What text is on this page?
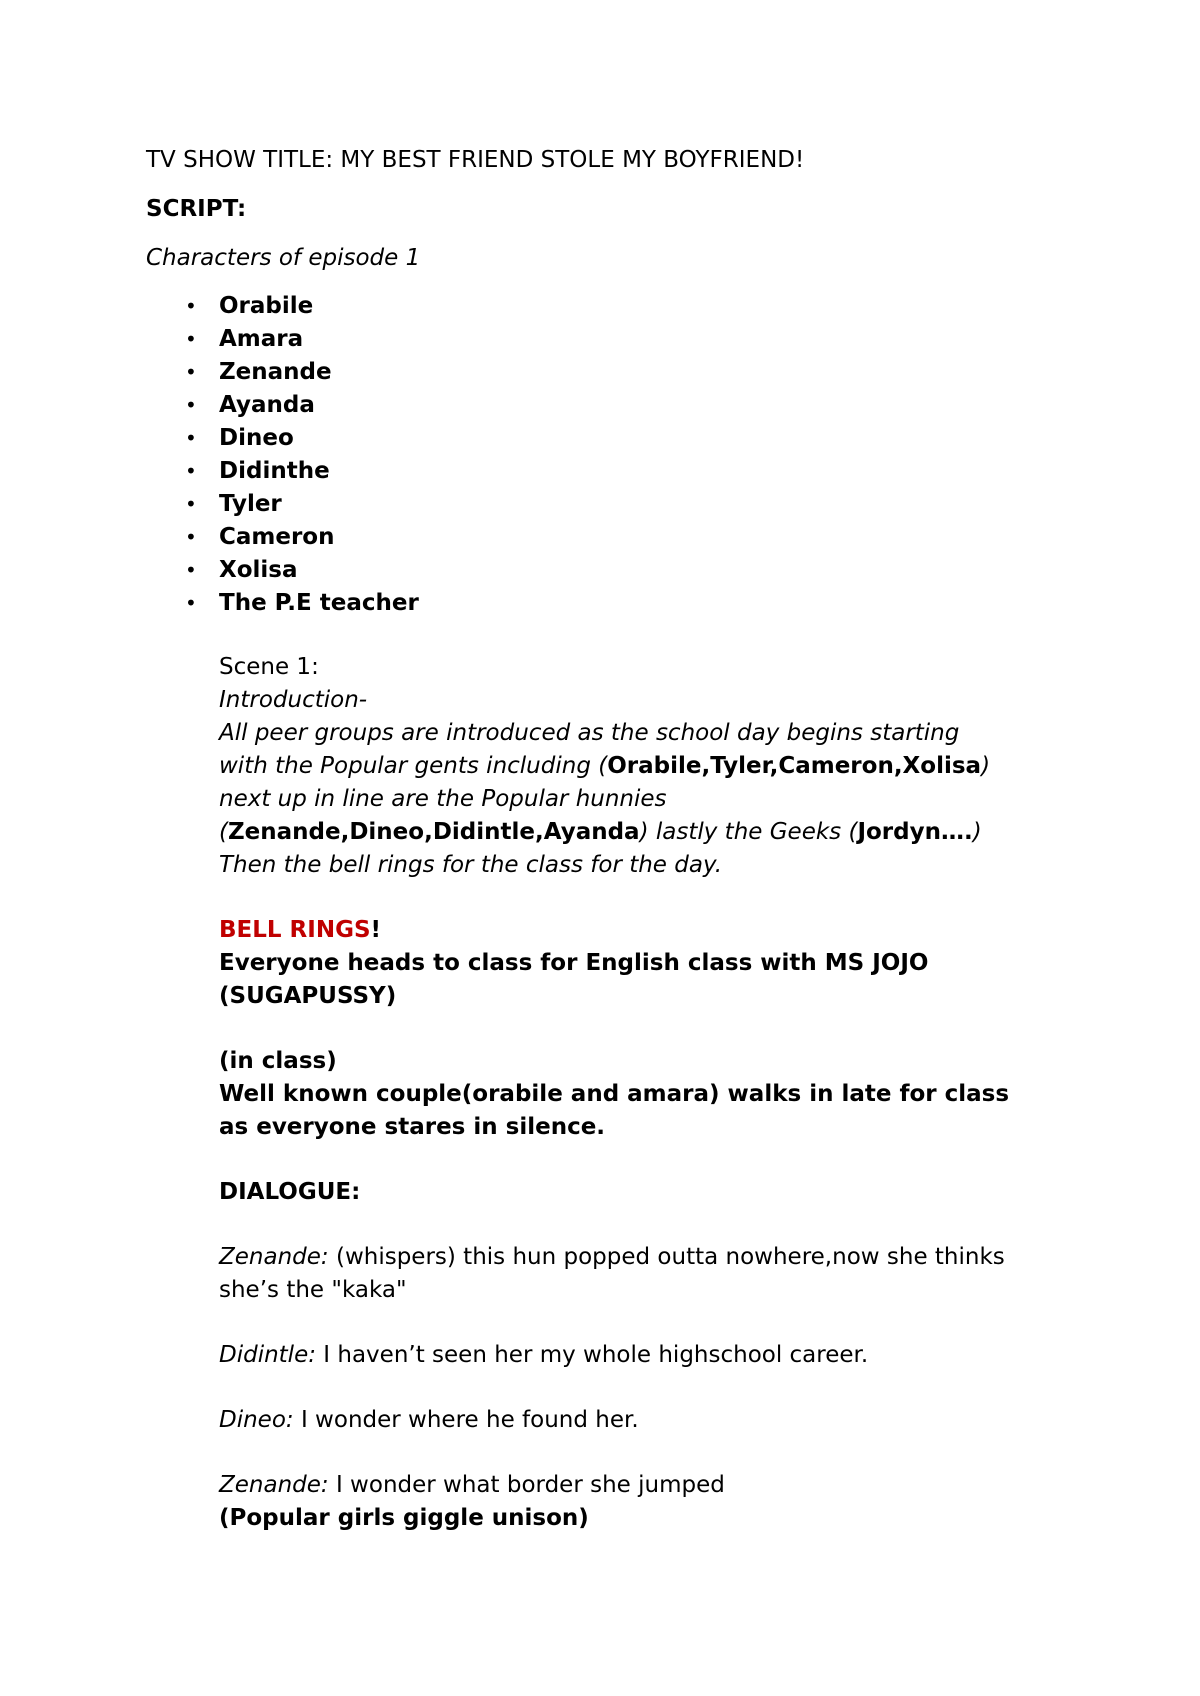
TV SHOW TITLE: MY BEST FRIEND STOLE MY BOYFRIEND!

SCRIPT:

Characters of episode 1

• Orabile
• Amara
• Zenande
• Ayanda
• Dineo
• Didinthe
• Tyler
• Cameron
• Xolisa
• The P.E teacher

Scene 1:

Introduction-

All peer groups are introduced as the school day begins starting

with the Popular gents including (Orabile,Tyler,Cameron,Xolisa)

next up in line are the Popular hunnies

(Zenande,Dineo,Didintle,Ayanda) lastly the Geeks (Jordyn….)

Then the bell rings for the class for the day.

BELL RINGS!

Everyone heads to class for English class with MS JOJO

(SUGAPUSSY)

(in class)

Well known couple(orabile and amara) walks in late for class

as everyone stares in silence.

DIALOGUE:

Zenande: (whispers) this hun popped outta nowhere,now she thinks

she’s the "kaka"

Didintle: I haven’t seen her my whole highschool career.

Dineo: I wonder where he found her.

Zenande: I wonder what border she jumped

(Popular girls giggle unison)
